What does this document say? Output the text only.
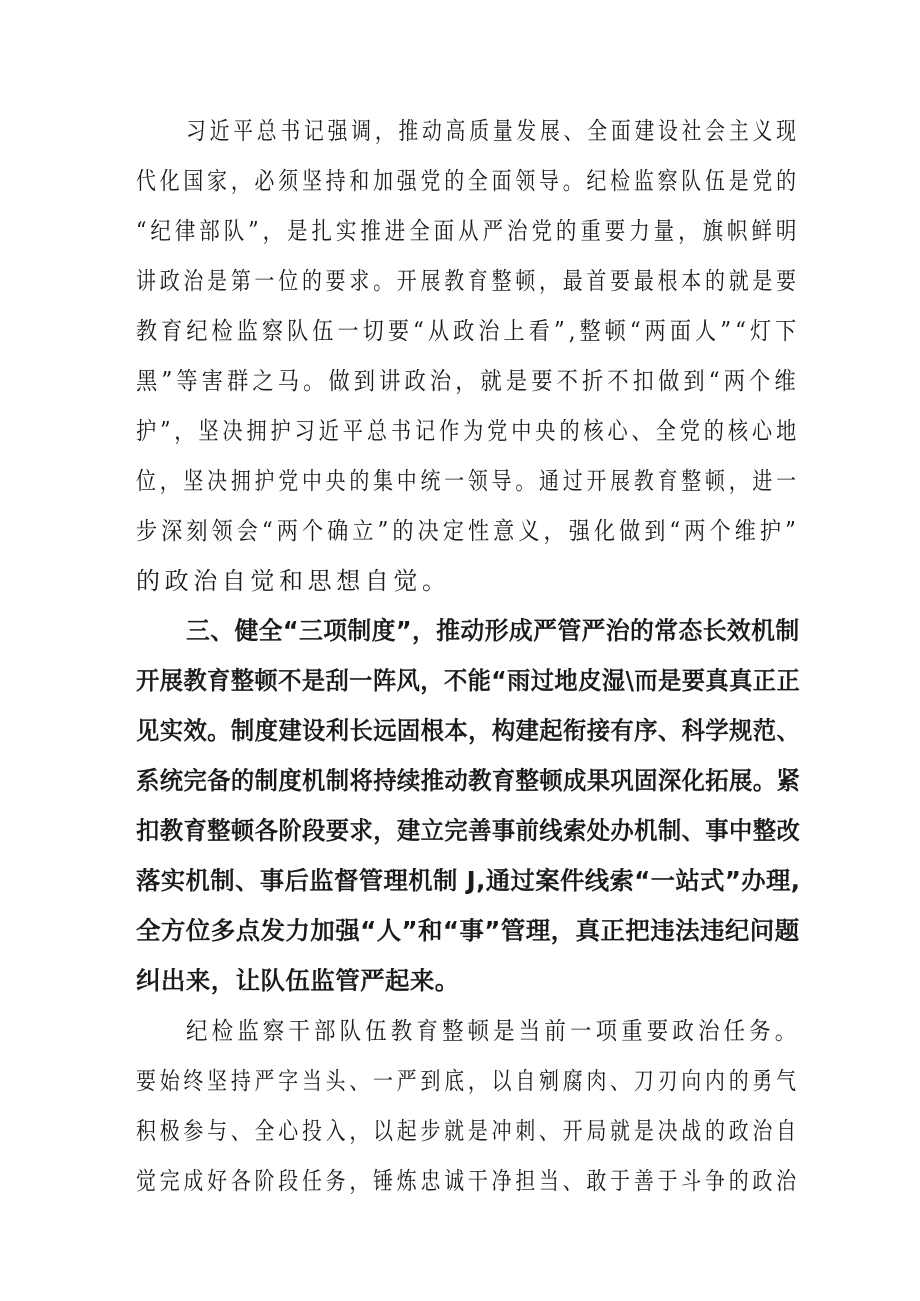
习近平总书记强调，推动高质量发展、全面建设社会主义现
代化国家，必须坚持和加强党的全面领导。纪检监察队伍是党的
“纪律部队”，是扎实推进全面从严治党的重要力量，旗帜鲜明
讲政治是第一位的要求。开展教育整顿，最首要最根本的就是要
教育纪检监察队伍一切要“从政治上看”,整顿“两面人”“灯下
黑”等害群之马。做到讲政治，就是要不折不扣做到“两个维
护”，坚决拥护习近平总书记作为党中央的核心、全党的核心地
位，坚决拥护党中央的集中统一领导。通过开展教育整顿，进一
步深刻领会“两个确立”的决定性意义，强化做到“两个维护”
的政治自觉和思想自觉。
三、健全“三项制度”，推动形成严管严治的常态长效机制
开展教育整顿不是刮一阵风，不能“雨过地皮湿\而是要真真正正
见实效。制度建设利长远固根本，构建起衔接有序、科学规范、
系统完备的制度机制将持续推动教育整顿成果巩固深化拓展。紧
扣教育整顿各阶段要求，建立完善事前线索处办机制、事中整改
落实机制、事后监督管理机制 J,通过案件线索“一站式”办理,
全方位多点发力加强“人”和“事”管理，真正把违法违纪问题
纠出来，让队伍监管严起来。
纪检监察干部队伍教育整顿是当前一项重要政治任务。
要始终坚持严字当头、一严到底，以自剜腐肉、刀刃向内的勇气
积极参与、全心投入，以起步就是冲刺、开局就是决战的政治自
觉完成好各阶段任务，锤炼忠诚干净担当、敢于善于斗争的政治
